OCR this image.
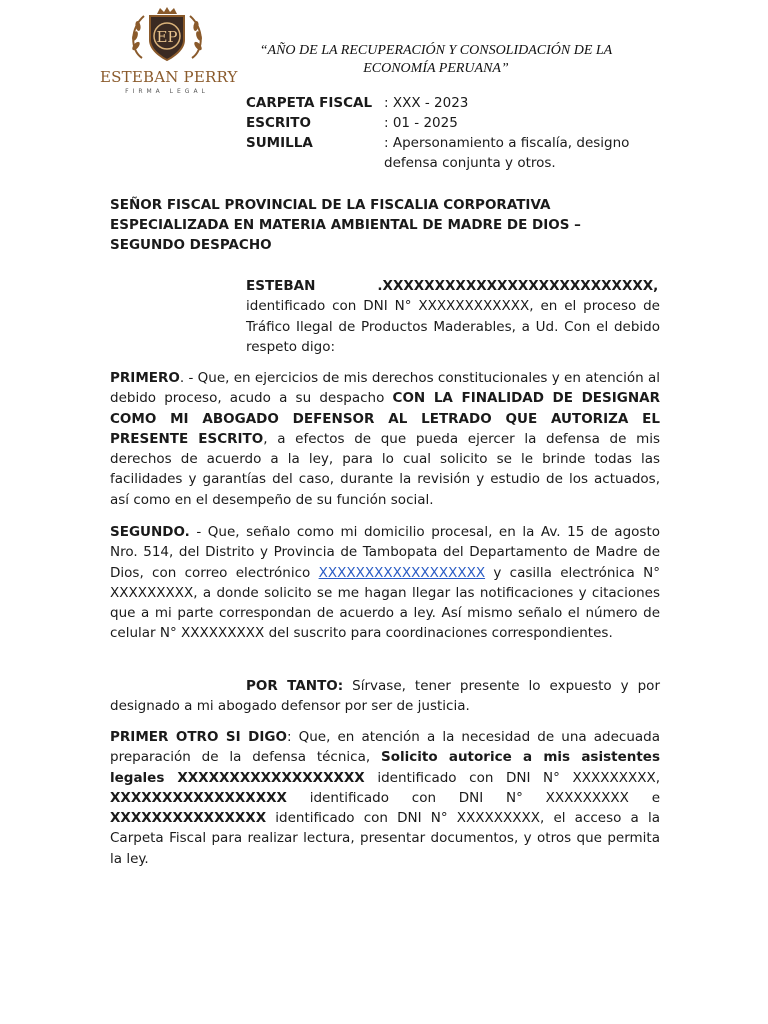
EP
ESTEBAN PERRY
FIRMA LEGAL
“AÑO DE LA RECUPERACIÓN Y CONSOLIDACIÓN DE LA ECONOMÍA PERUANA”
CARPETA FISCAL : XXX - 2023
ESCRITO	: 01 - 2025
SUMILLA	: Apersonamiento a fiscalía, designo defensa conjunta y otros.
SEÑOR FISCAL PROVINCIAL DE LA FISCALIA CORPORATIVA ESPECIALIZADA EN MATERIA AMBIENTAL DE MADRE DE DIOS – SEGUNDO DESPACHO
ESTEBAN	.XXXXXXXXXXXXXXXXXXXXXXXXXX, identificado con DNI N° XXXXXXXXXXXX, en el proceso de Tráfico Ilegal de Productos Maderables, a Ud. Con el debido respeto digo:
PRIMERO. - Que, en ejercicios de mis derechos constitucionales y en atención al debido proceso, acudo a su despacho CON LA FINALIDAD DE DESIGNAR COMO MI ABOGADO DEFENSOR AL LETRADO QUE AUTORIZA EL PRESENTE ESCRITO, a efectos de que pueda ejercer la defensa de mis derechos de acuerdo a la ley, para lo cual solicito se le brinde todas las facilidades y garantías del caso, durante la revisión y estudio de los actuados, así como en el desempeño de su función social.
SEGUNDO. - Que, señalo como mi domicilio procesal, en la Av. 15 de agosto Nro. 514, del Distrito y Provincia de Tambopata del Departamento de Madre de Dios, con correo electrónico XXXXXXXXXXXXXXXXXX y casilla electrónica N° XXXXXXXXX, a donde solicito se me hagan llegar las notificaciones y citaciones que a mi parte correspondan de acuerdo a ley. Así mismo señalo el número de celular N° XXXXXXXXX del suscrito para coordinaciones correspondientes.
POR TANTO: Sírvase, tener presente lo expuesto y por designado a mi abogado defensor por ser de justicia.
PRIMER OTRO SI DIGO: Que, en atención a la necesidad de una adecuada preparación de la defensa técnica, Solicito autorice a mis asistentes legales XXXXXXXXXXXXXXXXXX identificado con DNI N° XXXXXXXXX, XXXXXXXXXXXXXXXXX identificado con DNI N° XXXXXXXXX e XXXXXXXXXXXXXXX identificado con DNI N° XXXXXXXXX, el acceso a la Carpeta Fiscal para realizar lectura, presentar documentos, y otros que permita la ley.
